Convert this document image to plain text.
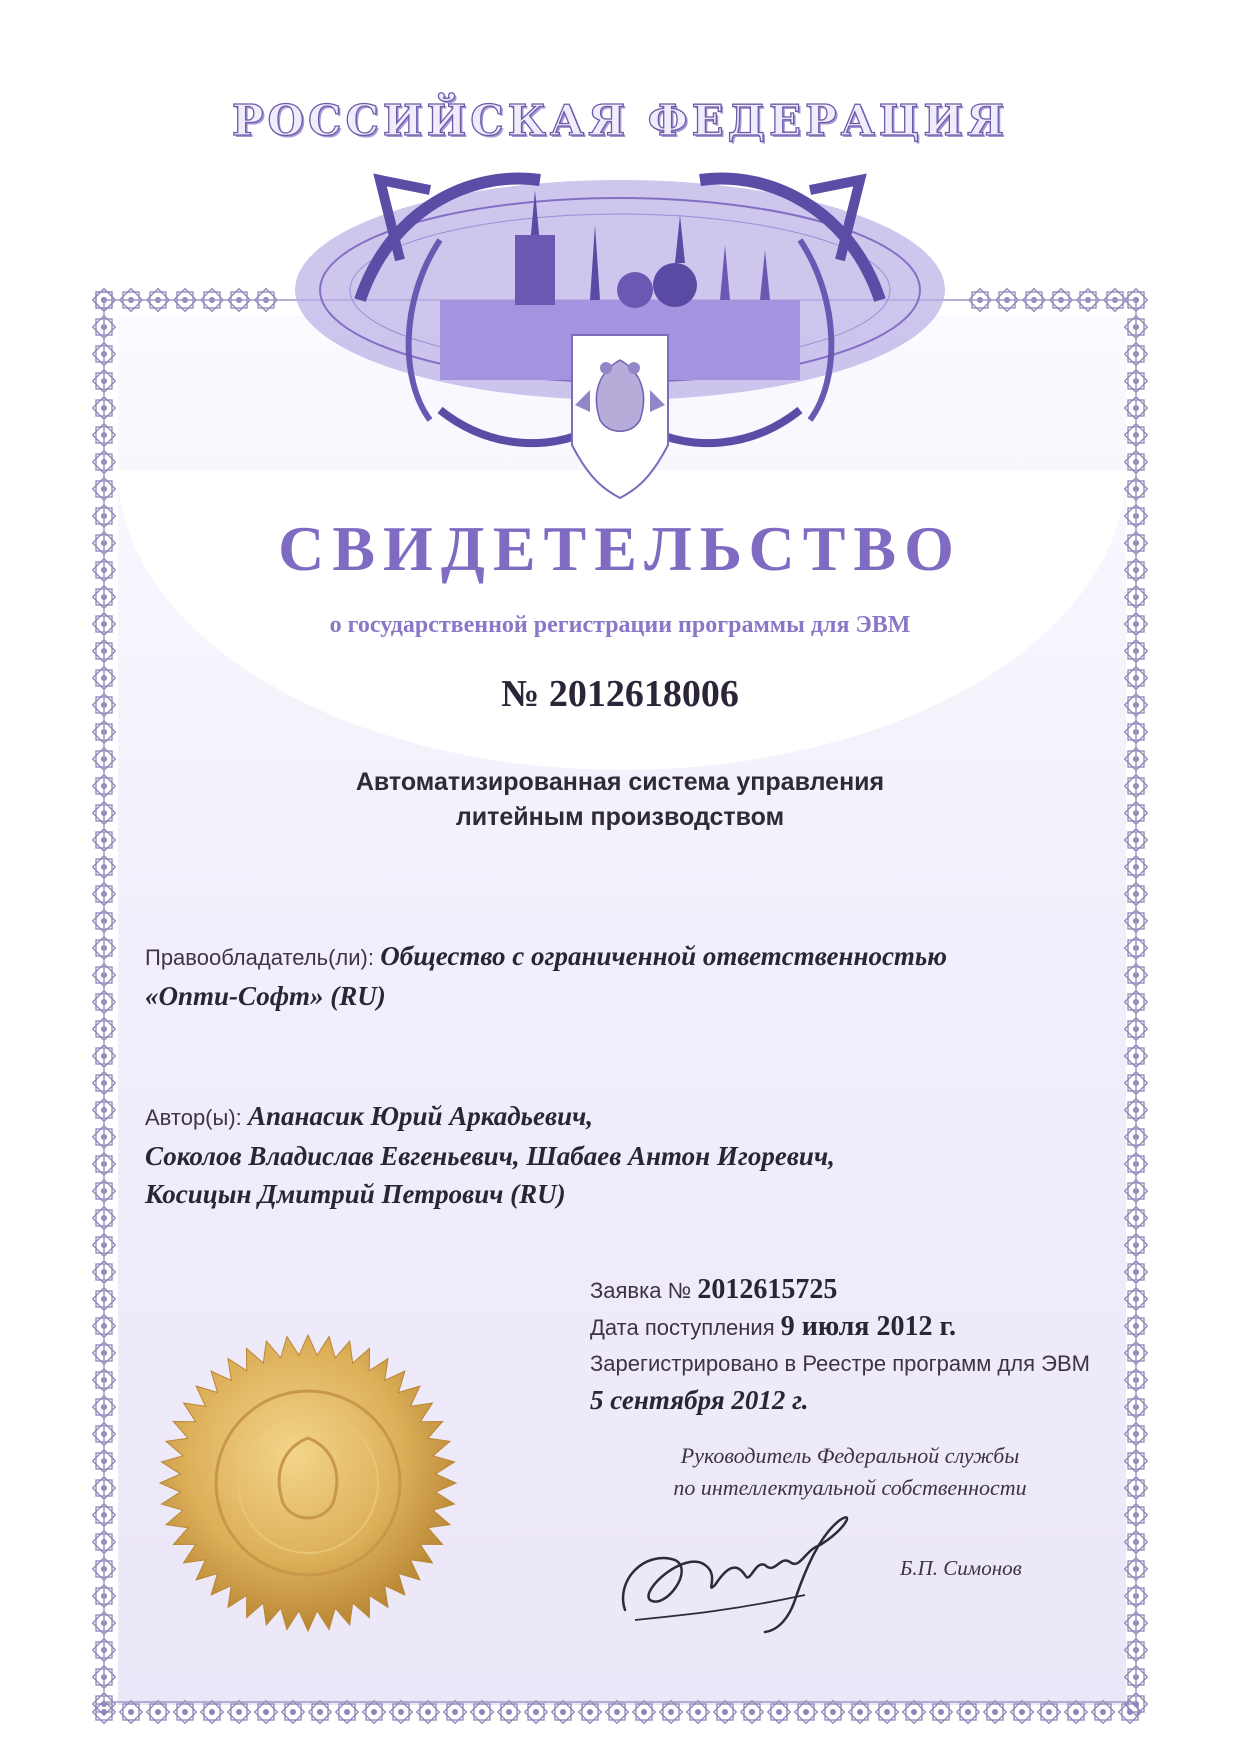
РОССИЙСКАЯ ФЕДЕРАЦИЯ
СВИДЕТЕЛЬСТВО
о государственной регистрации программы для ЭВМ
№ 2012618006
Автоматизированная система управления
литейным производством
Правообладатель(ли): Общество с ограниченной ответственностью
«Опти-Софт» (RU)
Автор(ы): Апанасик Юрий Аркадьевич,
Соколов Владислав Евгеньевич, Шабаев Антон Игоревич,
Косицын Дмитрий Петрович (RU)
Заявка № 2012615725
Дата поступления 9 июля 2012 г.
Зарегистрировано в Реестре программ для ЭВМ
5 сентября 2012 г.
Руководитель Федеральной службы
по интеллектуальной собственности
Б.П. Симонов
